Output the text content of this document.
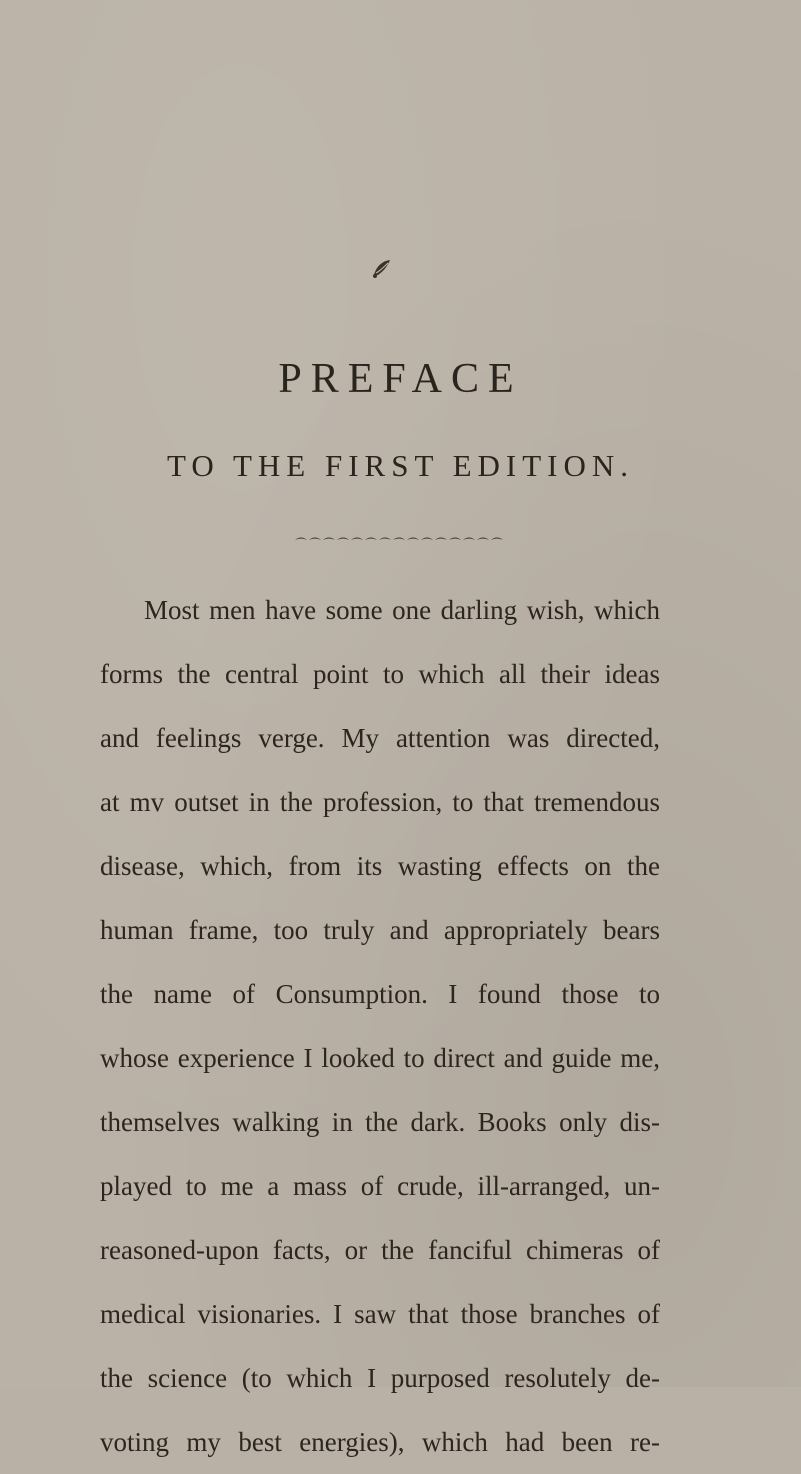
PREFACE
TO THE FIRST EDITION.
Most men have some one darling wish, which
forms the central point to which all their ideas
and feelings verge. My attention was directed,
at mv outset in the profession, to that tremendous
disease, which, from its wasting effects on the
human frame, too truly and appropriately bears
the name of Consumption. I found those to
whose experience I looked to direct and guide me,
themselves walking in the dark. Books only dis-
played to me a mass of crude, ill-arranged, un-
reasoned-upon facts, or the fanciful chimeras of
medical visionaries. I saw that those branches of
the science (to which I purposed resolutely de-
voting my best energies), which had been re-
